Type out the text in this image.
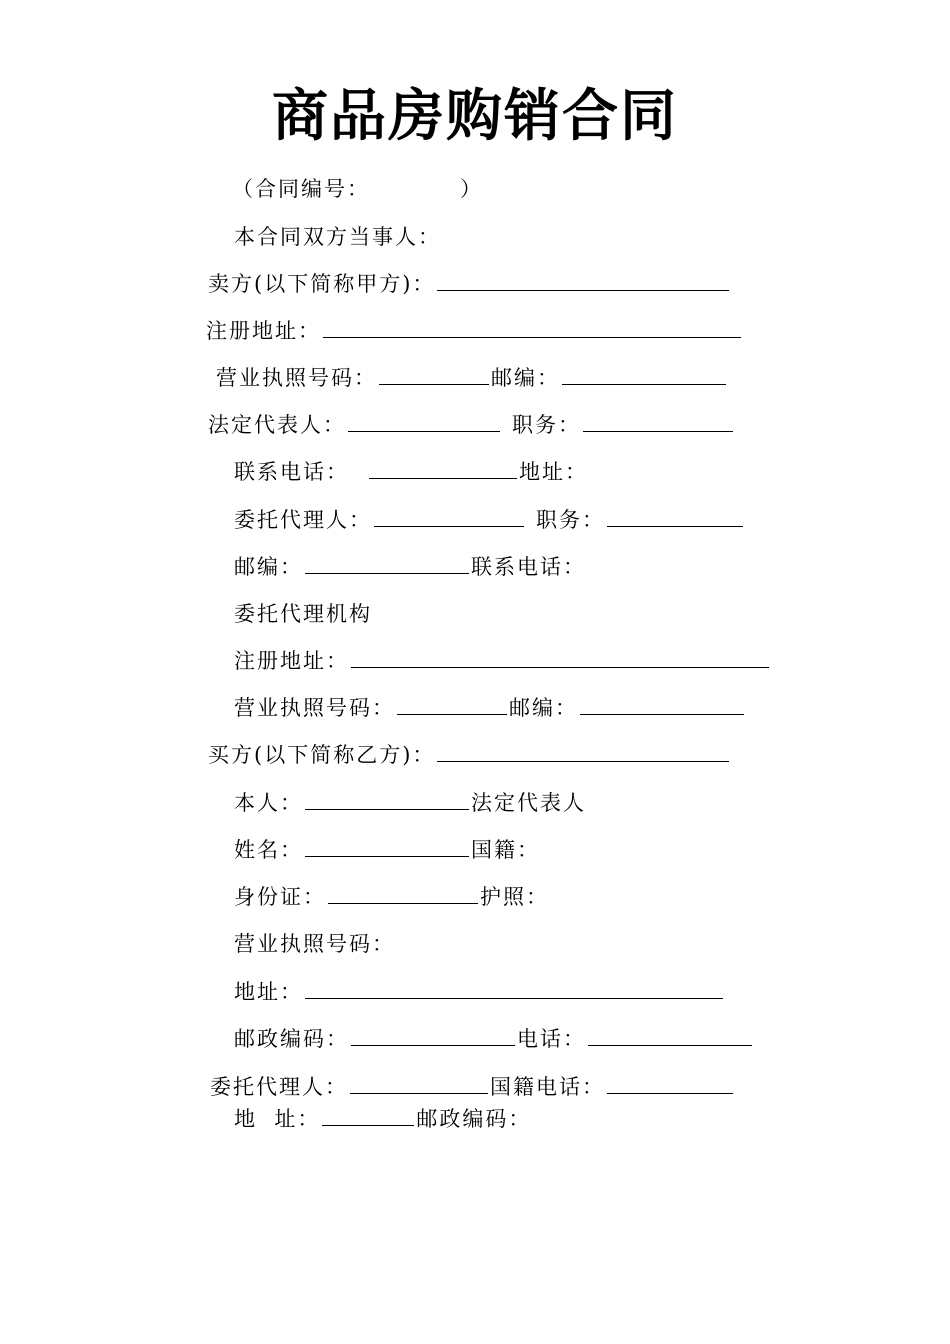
商品房购销合同
（合同编号：	）
本合同双方当事人：
卖方(以下简称甲方)：
注册地址：
营业执照号码：	邮编：
法定代表人：	职务：
联系电话：	地址：
委托代理人：	职务：
邮编：	联系电话：
委托代理机构
注册地址：
营业执照号码：	邮编：
买方(以下简称乙方)：
本人：	法定代表人
姓名：	国籍：
身份证：	护照：
营业执照号码：
地址：
邮政编码：	电话：
委托代理人：	国籍电话：
地  址：	邮政编码：
